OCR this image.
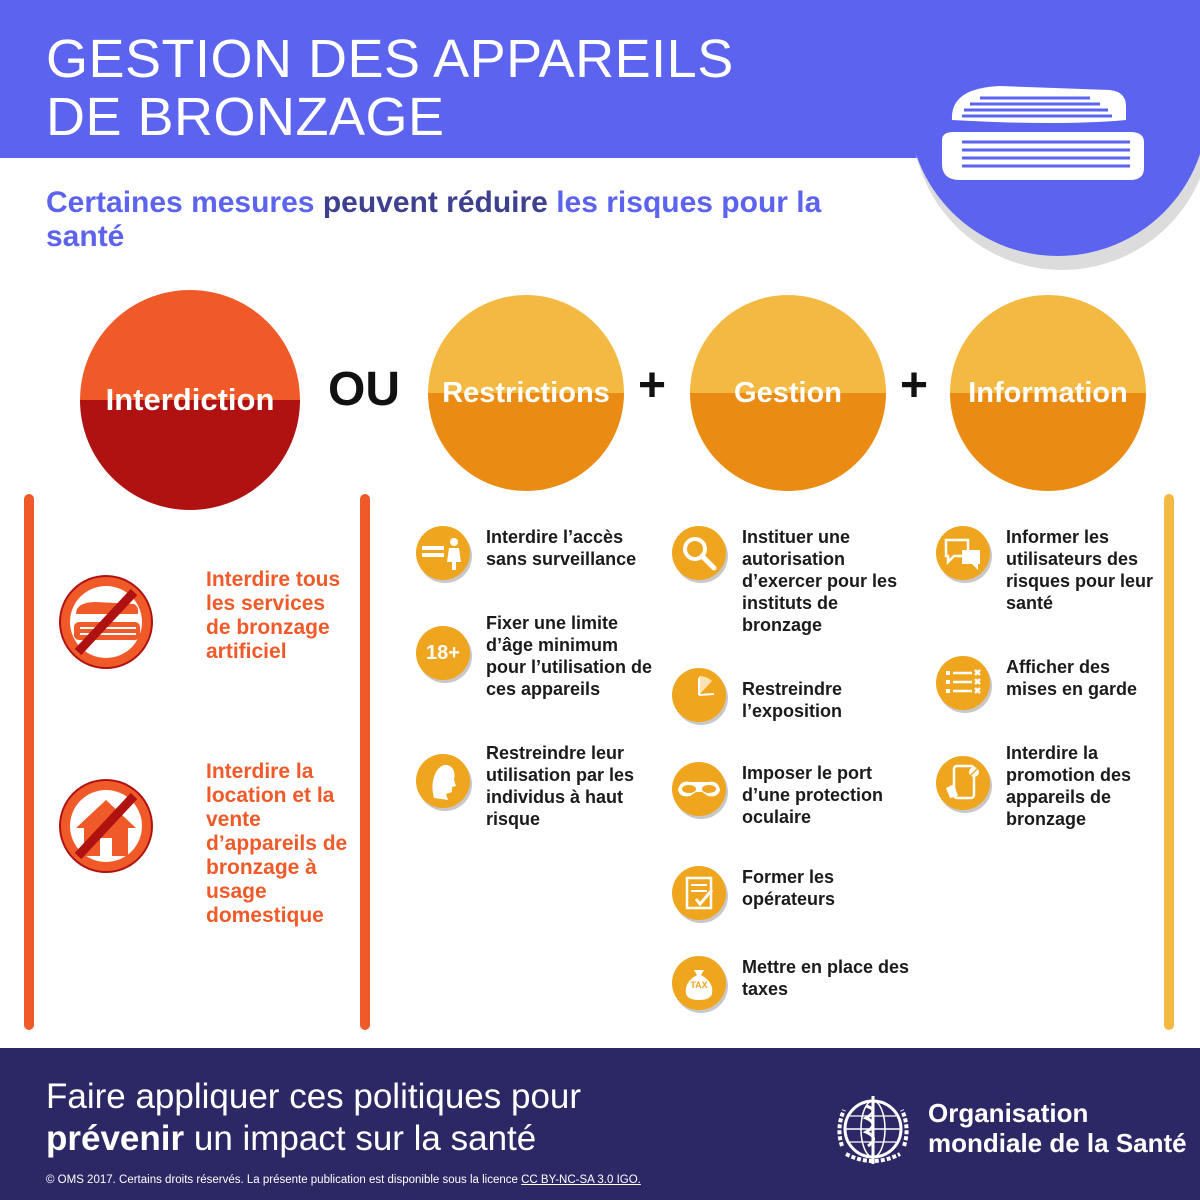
GESTION DES APPAREILS
DE BRONZAGE
Certaines mesures peuvent réduire les risques pour la santé
Interdiction	OU	Restrictions +	Gestion	+	Information
Interdire tous les services de bronzage artificiel
Interdire la location et la vente d’appareils de bronzage à usage domestique
Interdire l’accès sans surveillance
18+
Fixer une limite d’âge minimum pour l’utilisation de ces appareils
Restreindre leur utilisation par les individus à haut risque
Instituer une autorisation d’exercer pour les instituts de bronzage
Restreindre l’exposition
Imposer le port d’une protection oculaire
Former les opérateurs
TAX
Mettre en place des taxes
Informer les utilisateurs des risques pour leur santé
Afficher des mises en garde
Interdire la promotion des appareils de bronzage
Faire appliquer ces politiques pour
prévenir un impact sur la santé
© OMS 2017. Certains droits réservés. La présente publication est disponible sous la licence CC BY-NC-SA 3.0 IGO.
Organisation
mondiale de la Santé
